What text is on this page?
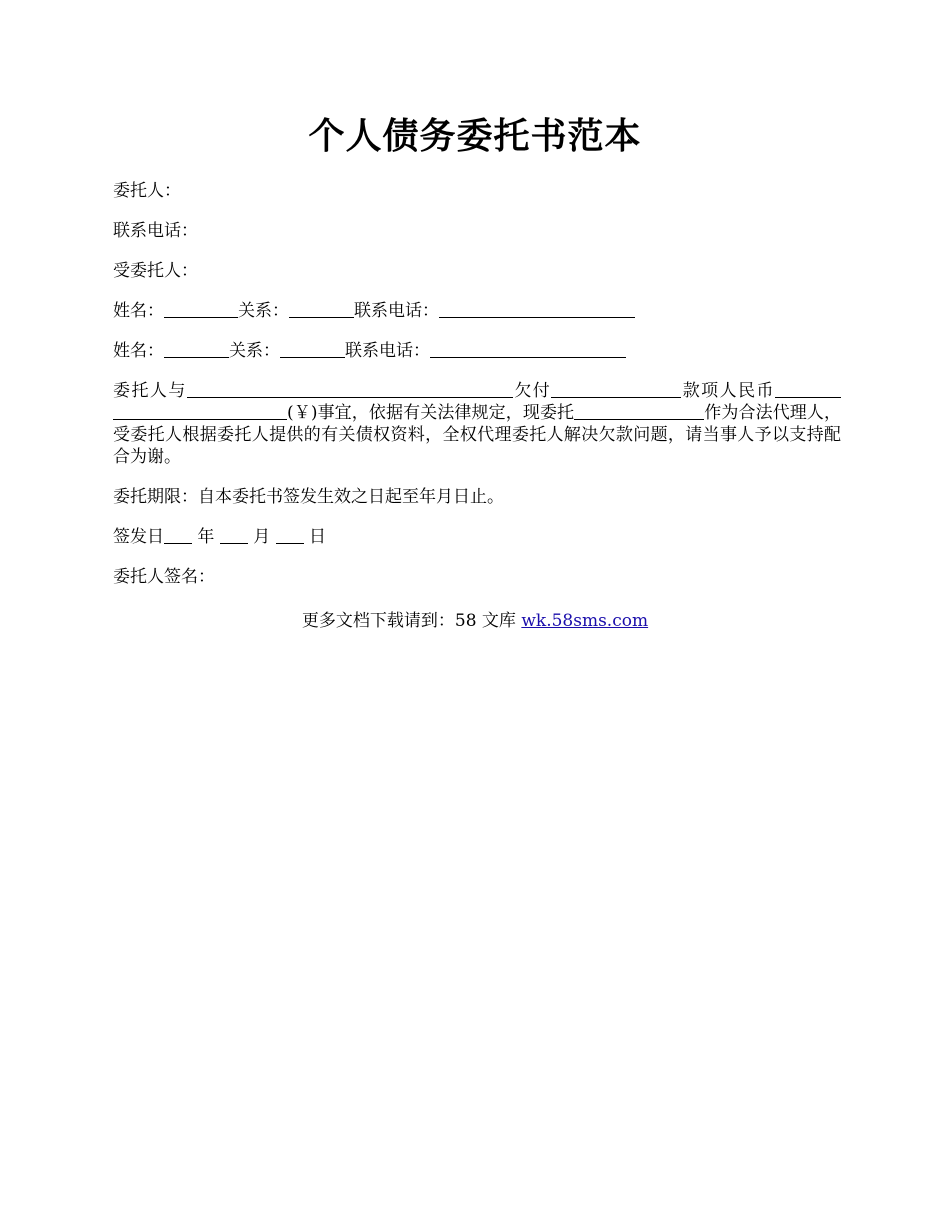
个人债务委托书范本

委托人：

联系电话：

受委托人：

姓名：	关系：	联系电话：

姓名：	关系：	联系电话：

委托人与	欠付	款项人民币(￥)事宜，依据有关法律规定，现委托	作为合法代理人，受委托人根据委托人提供的有关债权资料，全权代理委托人解决欠款问题，请当事人予以支持配合为谢。

委托期限：自本委托书签发生效之日起至年月日止。

签发日 年 月 日

委托人签名：

更多文档下载请到：58 文库 wk.58sms.com
